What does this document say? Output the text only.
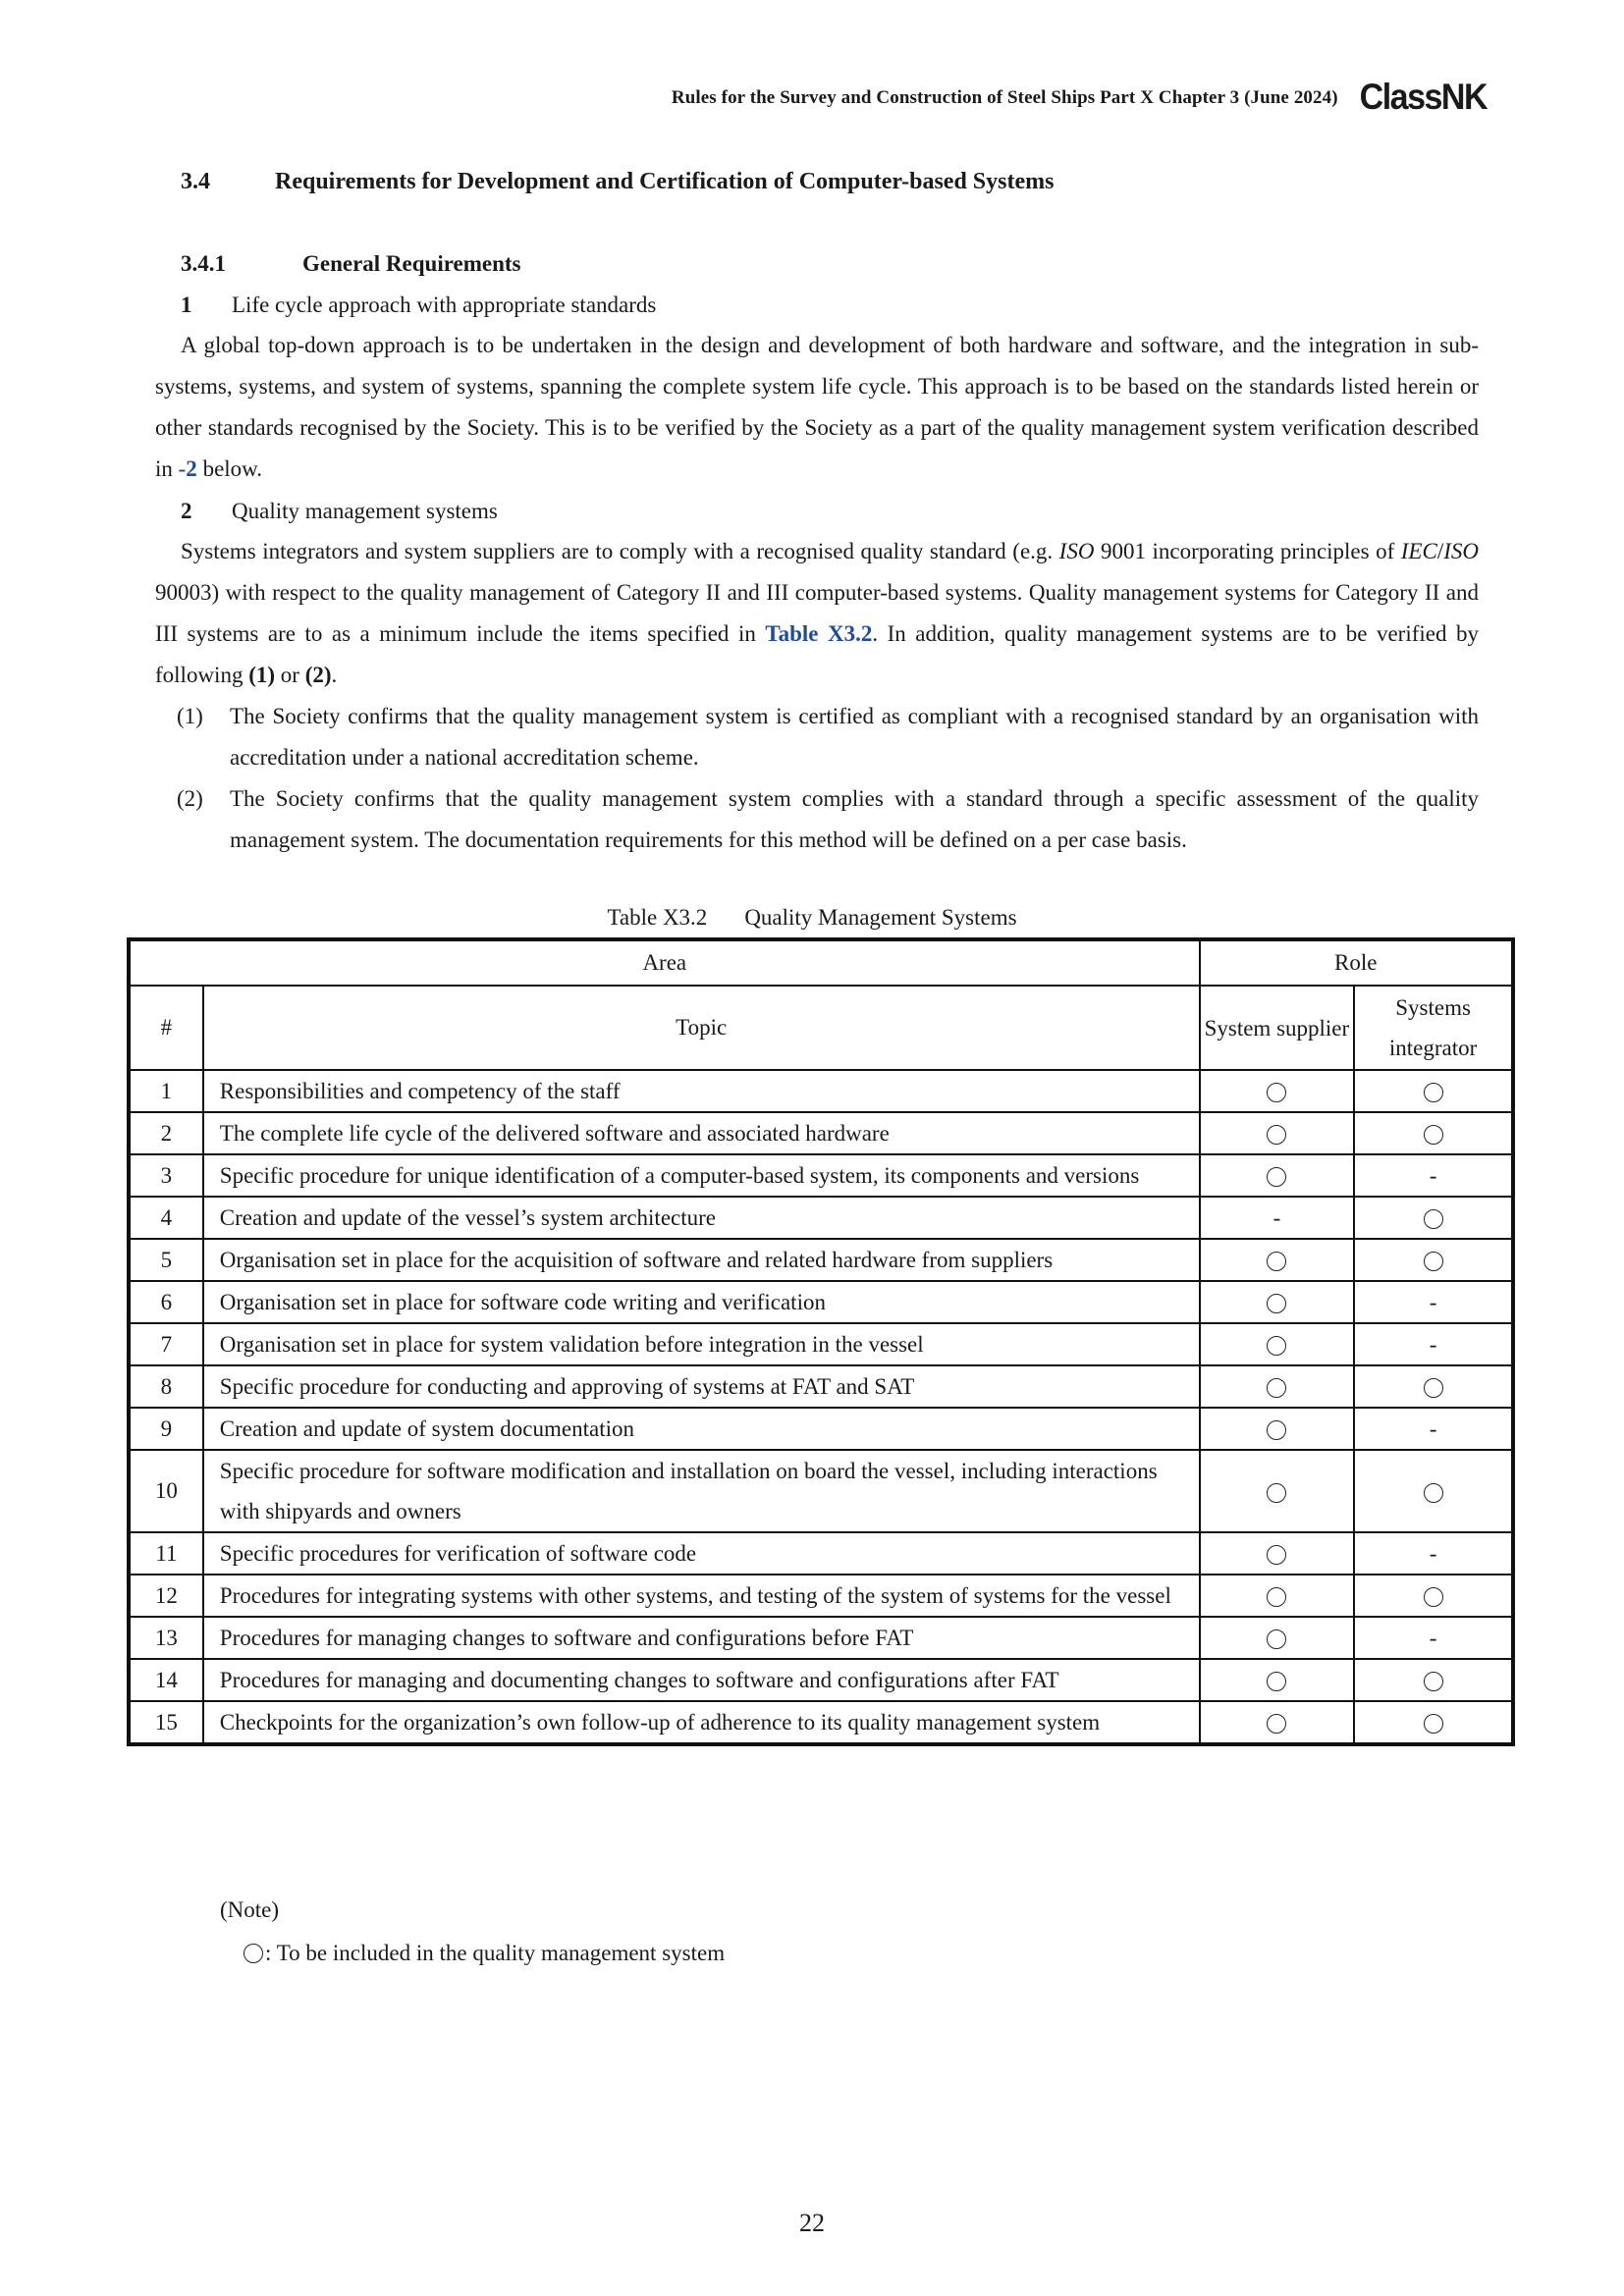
Rules for the Survey and Construction of Steel Ships Part X Chapter 3 (June 2024) ClassNK
3.4	Requirements for Development and Certification of Computer-based Systems
3.4.1	General Requirements
1 Life cycle approach with appropriate standards
A global top-down approach is to be undertaken in the design and development of both hardware and software, and the integration in sub-systems, systems, and system of systems, spanning the complete system life cycle. This approach is to be based on the standards listed herein or other standards recognised by the Society. This is to be verified by the Society as a part of the quality management system verification described in -2 below.
2 Quality management systems
Systems integrators and system suppliers are to comply with a recognised quality standard (e.g. ISO 9001 incorporating principles of IEC/ISO 90003) with respect to the quality management of Category II and III computer-based systems. Quality management systems for Category II and III systems are to as a minimum include the items specified in Table X3.2. In addition, quality management systems are to be verified by following (1) or (2).
(1)	The Society confirms that the quality management system is certified as compliant with a recognised standard by an organisation with accreditation under a national accreditation scheme.
(2)	The Society confirms that the quality management system complies with a standard through a specific assessment of the quality management system. The documentation requirements for this method will be defined on a per case basis.
Table X3.2 Quality Management Systems
Area		Role	
#	Topic	System supplier	Systems integrator
1	Responsibilities and competency of the staff		
2	The complete life cycle of the delivered software and associated hardware		
3	Specific procedure for unique identification of a computer-based system, its components and versions		-
4	Creation and update of the vessel’s system architecture	-	
5	Organisation set in place for the acquisition of software and related hardware from suppliers		
6	Organisation set in place for software code writing and verification		-
7	Organisation set in place for system validation before integration in the vessel		-
8	Specific procedure for conducting and approving of systems at FAT and SAT		
9	Creation and update of system documentation		-
10	Specific procedure for software modification and installation on board the vessel, including interactions with shipyards and owners		
11	Specific procedures for verification of software code		-
12	Procedures for integrating systems with other systems, and testing of the system of systems for the vessel		
13	Procedures for managing changes to software and configurations before FAT		-
14	Procedures for managing and documenting changes to software and configurations after FAT		
15	Checkpoints for the organization’s own follow-up of adherence to its quality management system		
(Note)
: To be included in the quality management system
22
